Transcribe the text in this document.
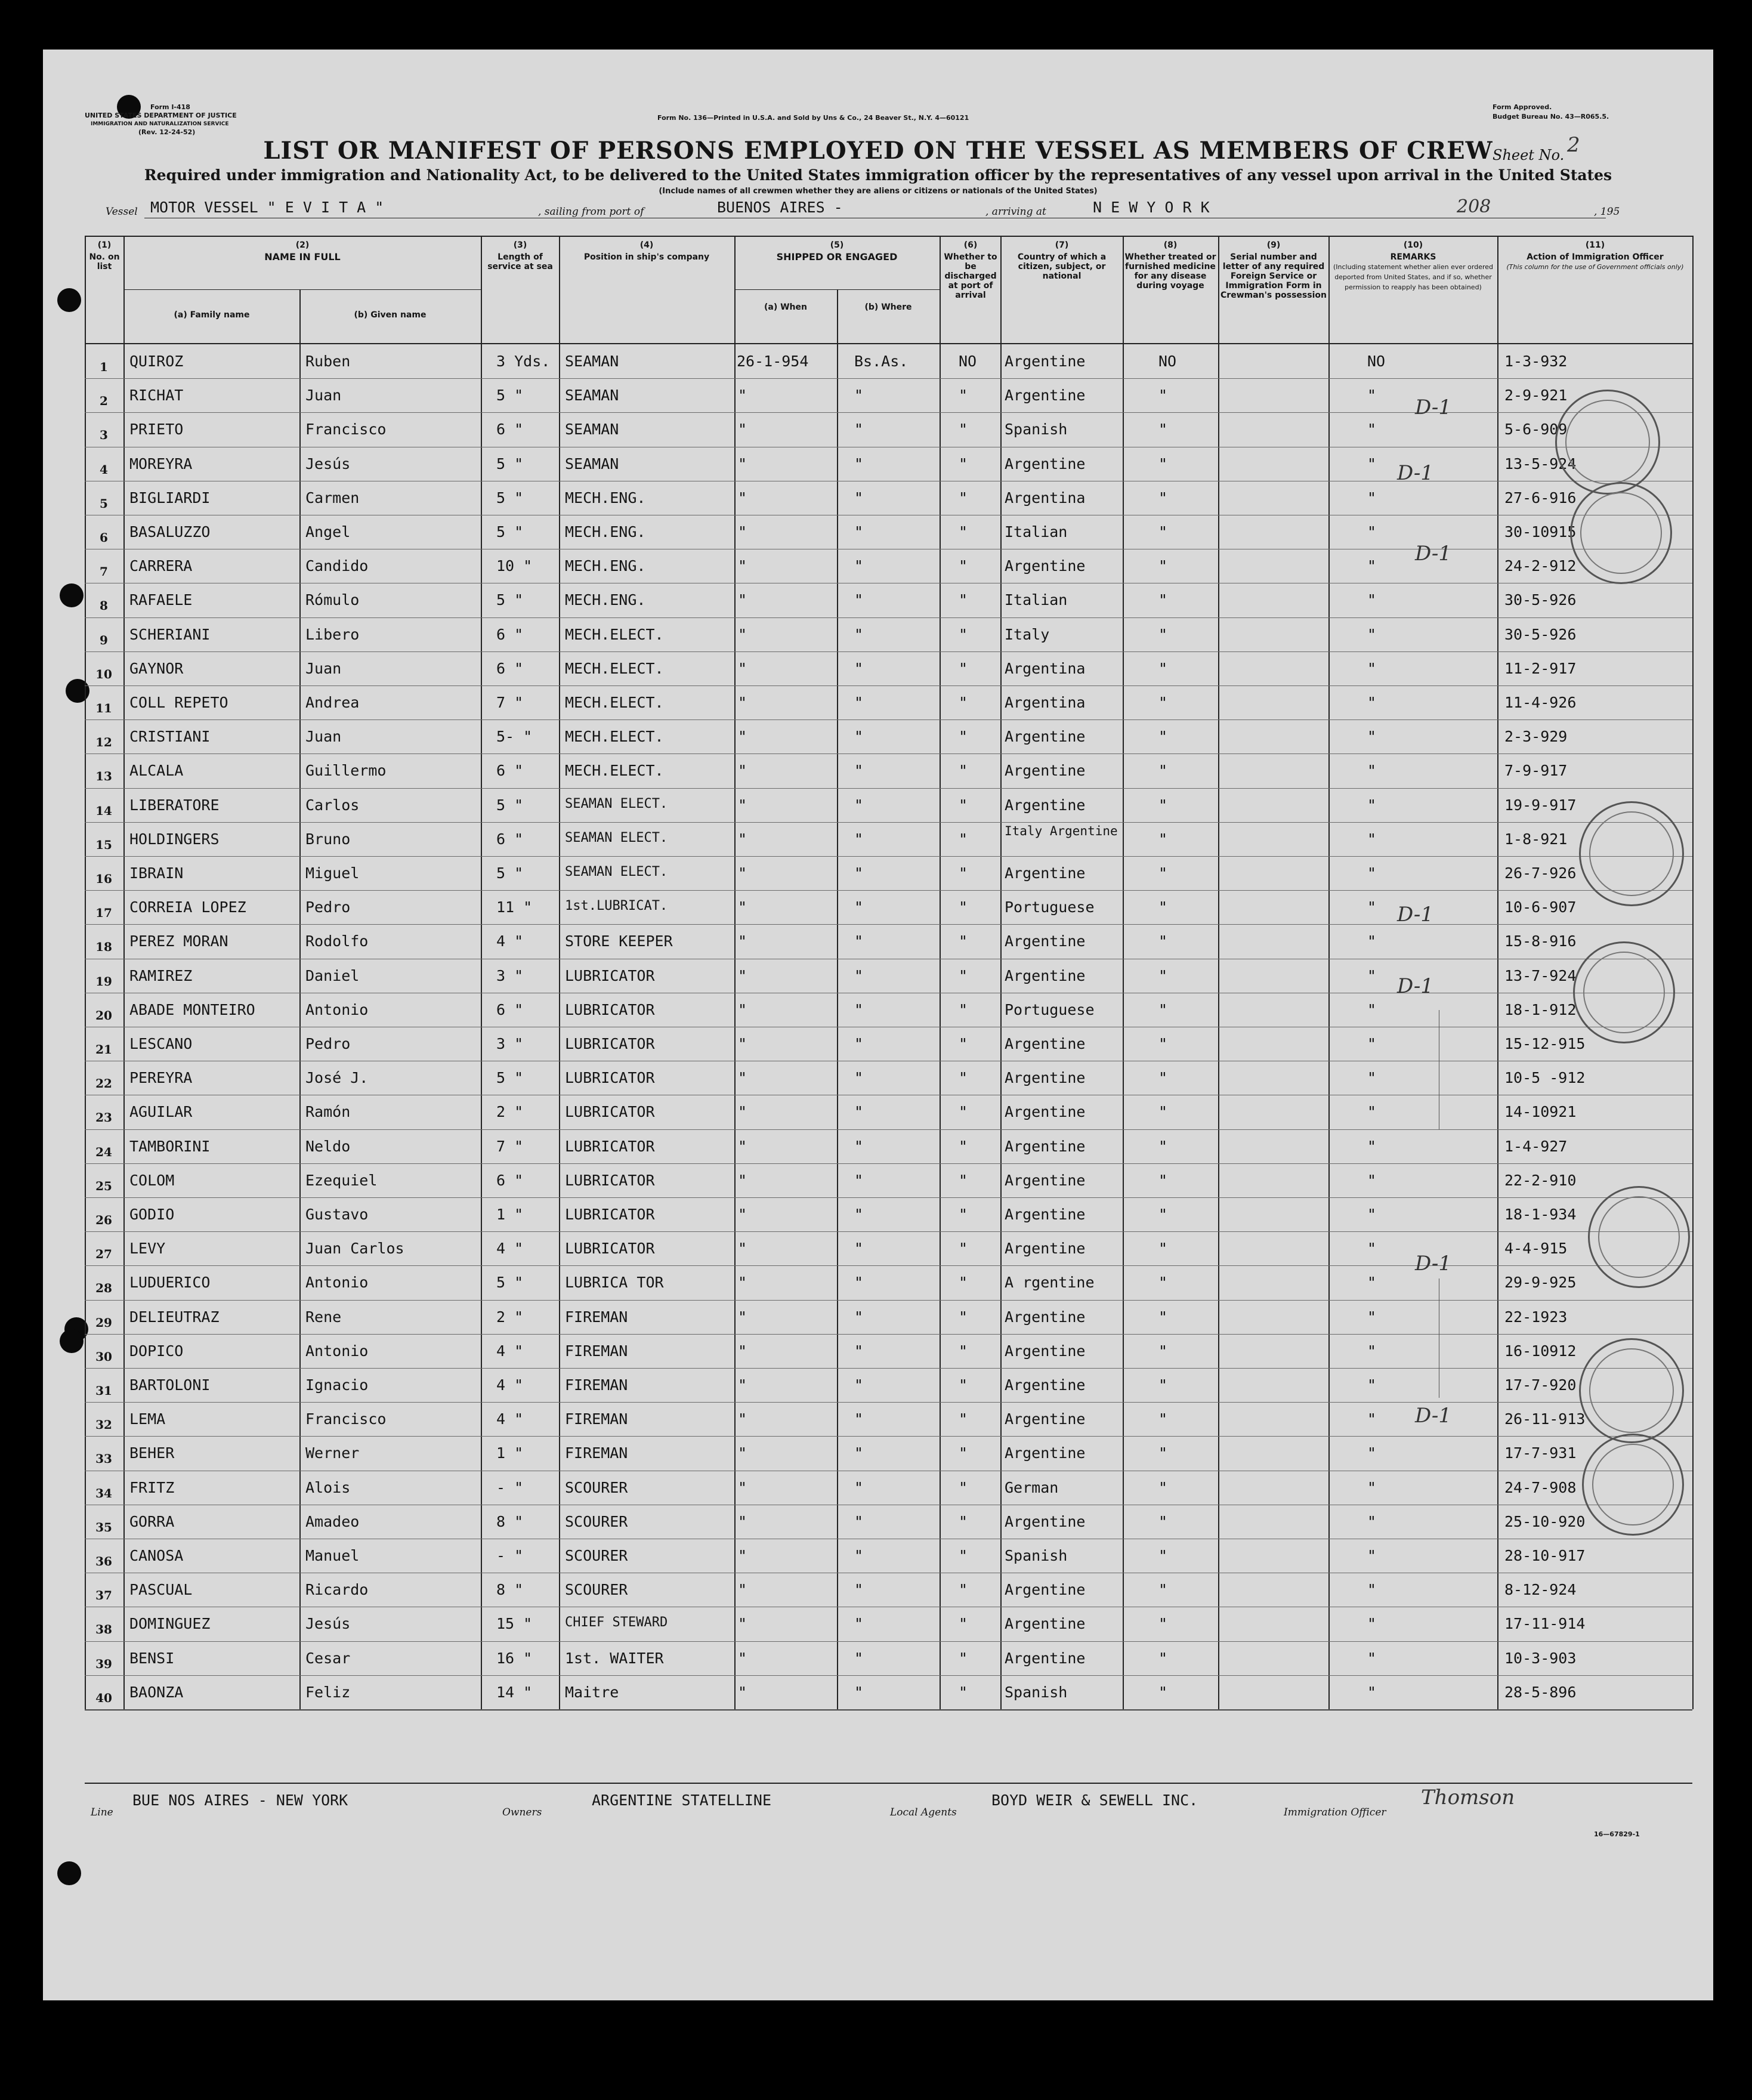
Form I-418
UNITED STATES DEPARTMENT OF JUSTICE
IMMIGRATION AND NATURALIZATION SERVICE
(Rev. 12-24-52)
Form No. 136—Printed in U.S.A. and Sold by Uns & Co., 24 Beaver St., N.Y. 4—60121
Form Approved.
Budget Bureau No. 43—R065.5.
LIST OR MANIFEST OF PERSONS EMPLOYED ON THE VESSEL AS MEMBERS OF CREW Sheet No. 2
Required under immigration and Nationality Act, to be delivered to the United States immigration officer by the representatives of any vessel upon arrival in the United States
(Include names of all crewmen whether they are aliens or citizens or nationals of the United States)
Vessel MOTOR VESSEL " E V I T A "	, sailing from port of	BUENOS AIRES -	, arriving at	N E W Y O R K	208	, 195
(1)
No. on list
(2)
NAME IN FULL
(a) Family name	(b) Given name
(3)
Length of service at sea
(4)
Position in ship's company
(5)
SHIPPED OR ENGAGED
(a) When	(b) Where
(6)
Whether to be discharged at port of arrival
(7)
Country of which a citizen, subject, or national
(8)
Whether treated or furnished medicine for any disease during voyage
(9)
Serial number and letter of any required Foreign Service or Immigration Form in Crewman's possession
(10)
REMARKS
(Including statement whether alien ever ordered deported from United States, and if so, whether permission to reapply has been obtained)
(11)
Action of Immigration Officer
(This column for the use of Government officials only)
1	QUIROZ	Ruben	3 Yds. SEAMAN	26-1-954	Bs.As.	NO Argentine	NO	NO	1-3-932
2	RICHAT	Juan	5 "	SEAMAN	"	"	" Argentine	"	"	2-9-921
3	PRIETO	Francisco	6 "	SEAMAN	"	"	" Spanish	"	"	5-6-909
4	MOREYRA	Jesús	5 "	SEAMAN	"	"	" Argentine	"	"	13-5-924
5	BIGLIARDI	Carmen	5 "	MECH.ENG.	"	"	" Argentina	"	"	27-6-916
6	BASALUZZO	Angel	5 "	MECH.ENG.	"	"	" Italian	"	"	30-10915
7	CARRERA	Candido	10 " MECH.ENG.	"	"	" Argentine	"	"	24-2-912
8	RAFAELE	Rómulo	5 "	MECH.ENG.	"	"	" Italian	"	"	30-5-926
9	SCHERIANI	Libero	6 "	MECH.ELECT.	"	"	" Italy	"	"	30-5-926
10	GAYNOR	Juan	6 "	MECH.ELECT.	"	"	" Argentina	"	"	11-2-917
11	COLL REPETO	Andrea	7 "	MECH.ELECT.	"	"	" Argentina	"	"	11-4-926
12	CRISTIANI	Juan	5- " MECH.ELECT.	"	"	" Argentine	"	"	2-3-929
13	ALCALA	Guillermo	6 "	MECH.ELECT.	"	"	" Argentine	"	"	7-9-917
14	LIBERATORE	Carlos	5 "	SEAMAN ELECT.	"	"	" Argentine	"	"	19-9-917
15	HOLDINGERS	Bruno	6 "	SEAMAN ELECT.	"	"	"	Italy Argentine	"	"	1-8-921
16	IBRAIN	Miguel	5 "	SEAMAN ELECT.	"	"	" Argentine	"	"	26-7-926
17	CORREIA LOPEZ	Pedro	11 " 1st.LUBRICAT.	"	"	" Portuguese	"	"	10-6-907
18	PEREZ MORAN	Rodolfo	4 "	STORE KEEPER	"	"	" Argentine	"	"	15-8-916
19	RAMIREZ	Daniel	3 "	LUBRICATOR	"	"	" Argentine	"	"	13-7-924
20	ABADE MONTEIRO	Antonio	6 "	LUBRICATOR	"	"	" Portuguese	"	"	18-1-912
21	LESCANO	Pedro	3 "	LUBRICATOR	"	"	" Argentine	"	"	15-12-915
22	PEREYRA	José J.	5 "	LUBRICATOR	"	"	" Argentine	"	"	10-5 -912
23	AGUILAR	Ramón	2 "	LUBRICATOR	"	"	" Argentine	"	"	14-10921
24	TAMBORINI	Neldo	7 "	LUBRICATOR	"	"	" Argentine	"	"	1-4-927
25	COLOM	Ezequiel	6 "	LUBRICATOR	"	"	" Argentine	"	"	22-2-910
26	GODIO	Gustavo	1 "	LUBRICATOR	"	"	" Argentine	"	"	18-1-934
27	LEVY	Juan Carlos	4 "	LUBRICATOR	"	"	" Argentine	"	"	4-4-915
28	LUDUERICO	Antonio	5 "	LUBRICA TOR	"	"	" A rgentine	"	"	29-9-925
29	DELIEUTRAZ	Rene	2 "	FIREMAN	"	"	" Argentine	"	"	22-1923
30	DOPICO	Antonio	4 "	FIREMAN	"	"	" Argentine	"	"	16-10912
31	BARTOLONI	Ignacio	4 "	FIREMAN	"	"	" Argentine	"	"	17-7-920
32	LEMA	Francisco	4 "	FIREMAN	"	"	" Argentine	"	"	26-11-913
33	BEHER	Werner	1 "	FIREMAN	"	"	" Argentine	"	"	17-7-931
34	FRITZ	Alois	- "	SCOURER	"	"	" German	"	"	24-7-908
35	GORRA	Amadeo	8 "	SCOURER	"	"	" Argentine	"	"	25-10-920
36	CANOSA	Manuel	- "	SCOURER	"	"	" Spanish	"	"	28-10-917
37	PASCUAL	Ricardo	8 "	SCOURER	"	"	" Argentine	"	"	8-12-924
38	DOMINGUEZ	Jesús	15 " CHIEF STEWARD	"	"	" Argentine	"	"	17-11-914
39	BENSI	Cesar	16 " 1st. WAITER	"	"	" Argentine	"	"	10-3-903
40	BAONZA	Feliz	14 " Maitre	"	"	" Spanish	"	"	28-5-896
D-1
D-1
D-1
D-1
D-1
D-1
D-1
Line
BUE NOS AIRES - NEW YORK
Owners
ARGENTINE STATELLINE
Local Agents
BOYD WEIR & SEWELL INC.
Immigration Officer
Thomson
16—67829-1
